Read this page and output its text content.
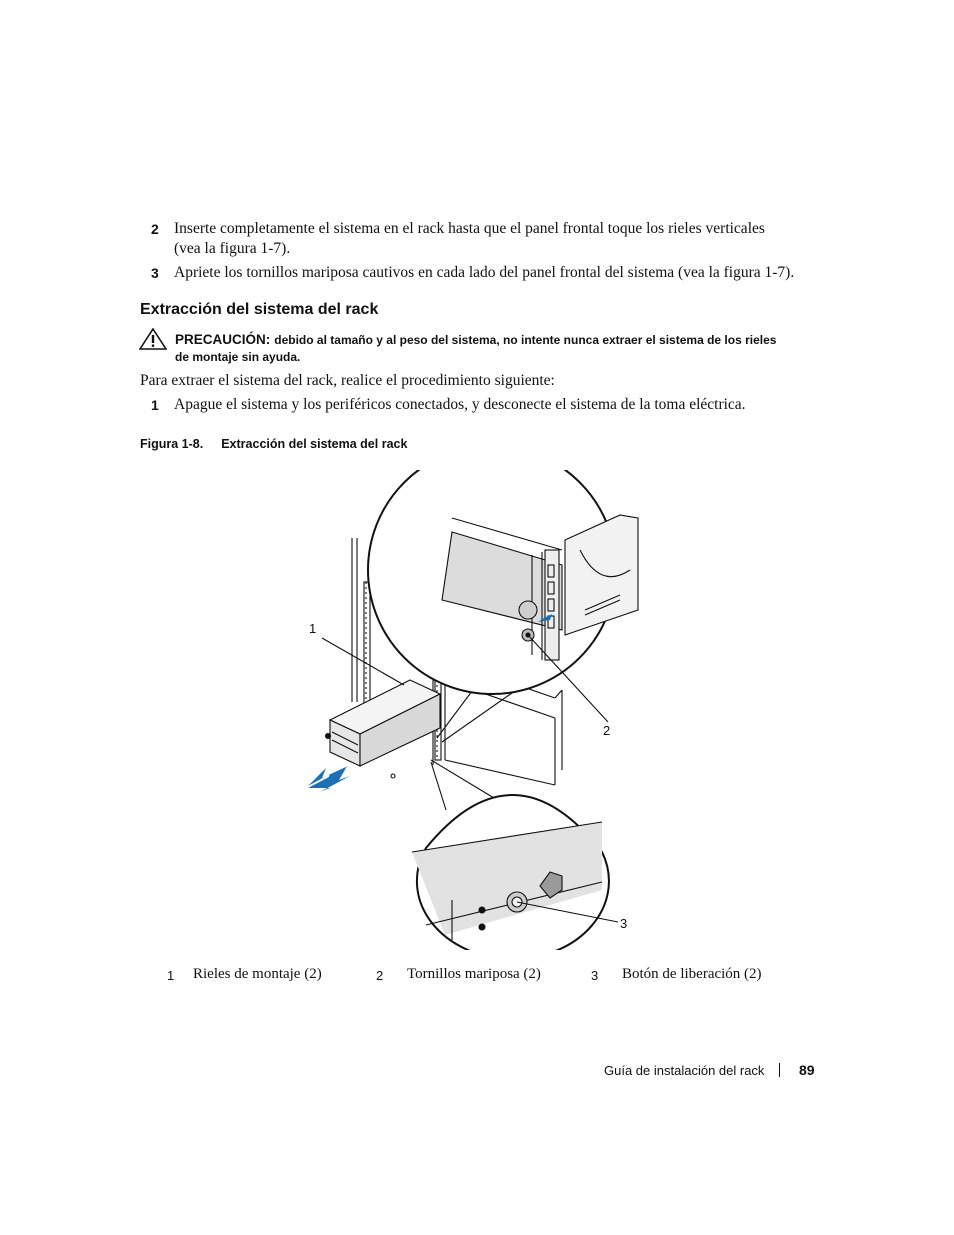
2 Inserte completamente el sistema en el rack hasta que el panel frontal toque los rieles verticales
(vea la figura 1-7).
3 Apriete los tornillos mariposa cautivos en cada lado del panel frontal del sistema (vea la figura 1-7).
Extracción del sistema del rack
PRECAUCIÓN: debido al tamaño y al peso del sistema, no intente nunca extraer el sistema de los rieles
de montaje sin ayuda.
Para extraer el sistema del rack, realice el procedimiento siguiente:
1 Apague el sistema y los periféricos conectados, y desconecte el sistema de la toma eléctrica.
Figura 1-8. Extracción del sistema del rack
1
2
3
1 Rieles de montaje (2)	2 Tornillos mariposa (2)	3 Botón de liberación (2)
Guía de instalación del rack 89
